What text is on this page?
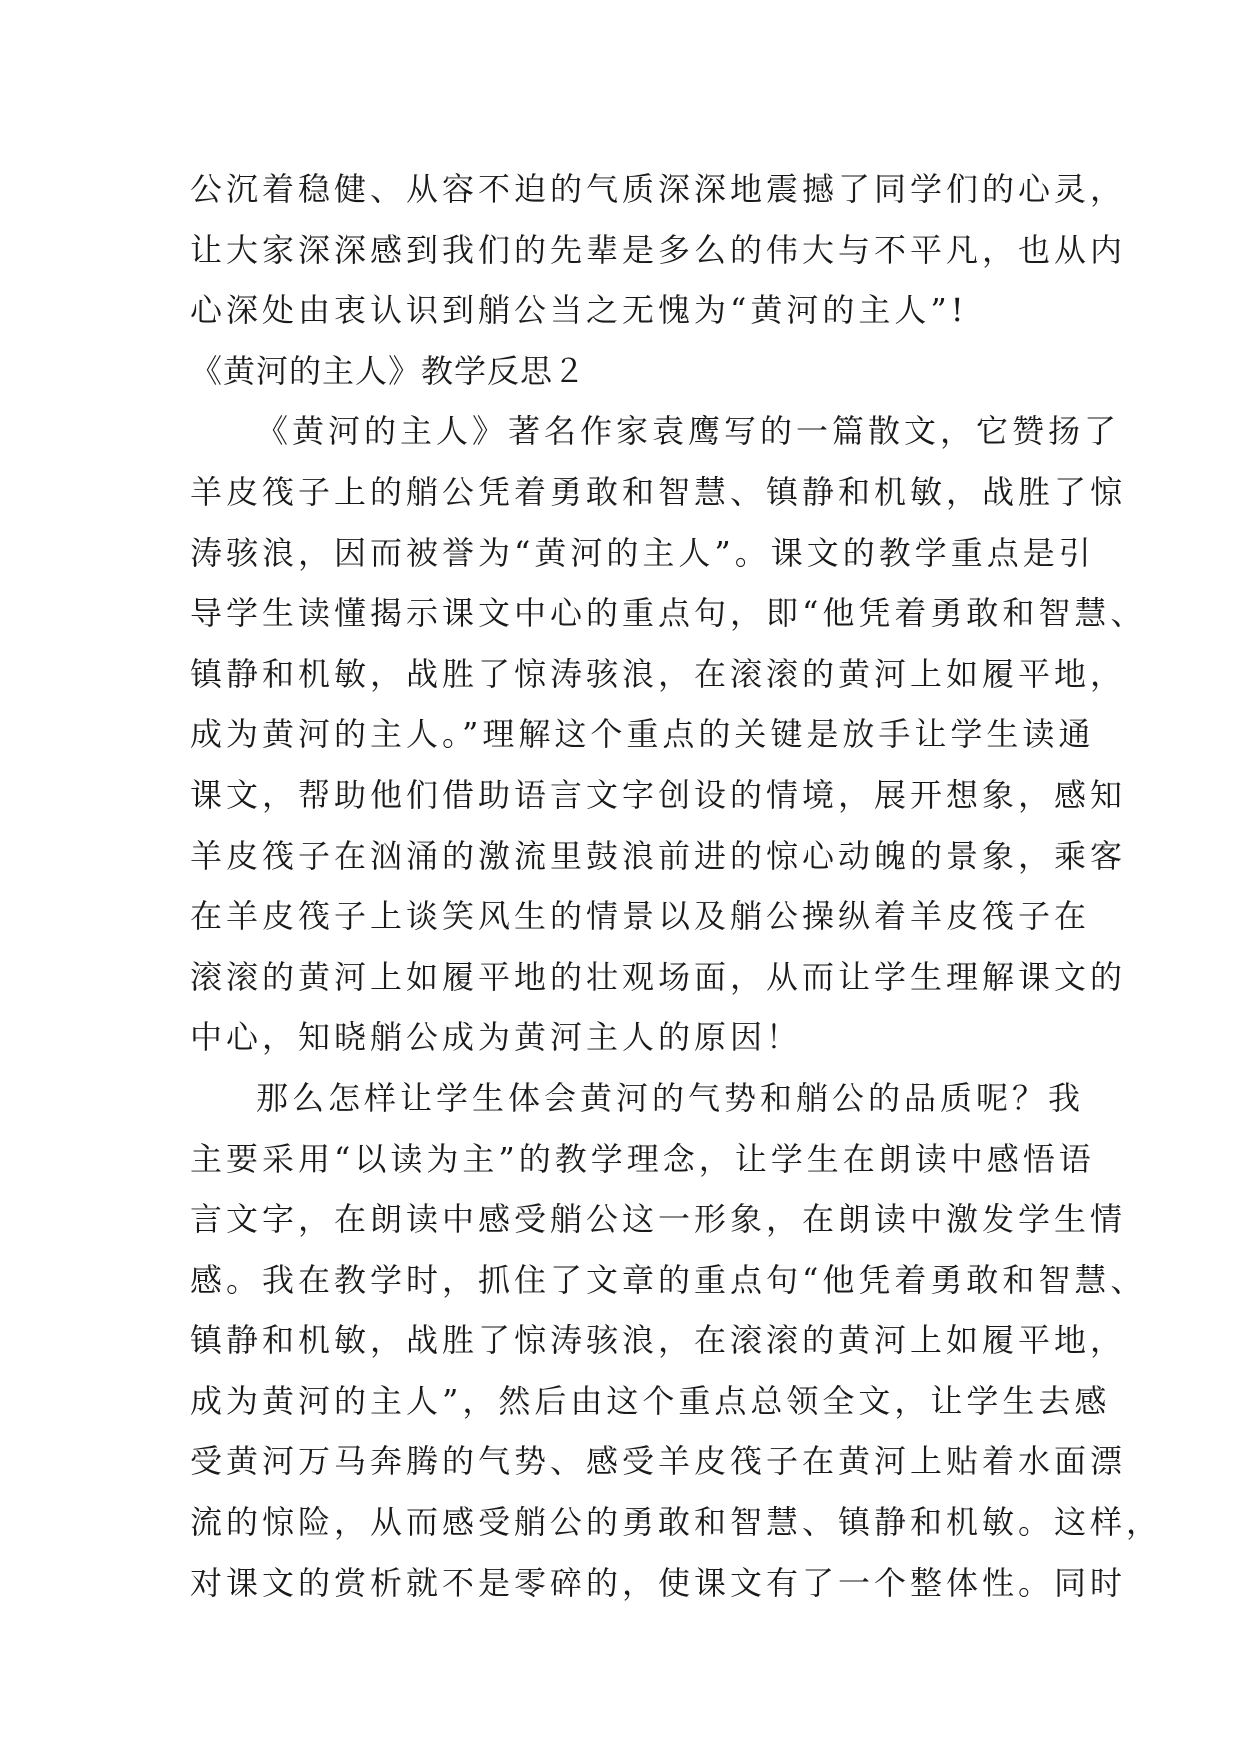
公沉着稳健、从容不迫的气质深深地震撼了同学们的心灵，
让大家深深感到我们的先辈是多么的伟大与不平凡，也从内
心深处由衷认识到艄公当之无愧为“黄河的主人”!
《黄河的主人》教学反思２
《黄河的主人》著名作家袁鹰写的一篇散文，它赞扬了
羊皮筏子上的艄公凭着勇敢和智慧、镇静和机敏，战胜了惊
涛骇浪，因而被誉为“黄河的主人”。课文的教学重点是引
导学生读懂揭示课文中心的重点句，即“他凭着勇敢和智慧、
镇静和机敏，战胜了惊涛骇浪，在滚滚的黄河上如履平地，
成为黄河的主人。”理解这个重点的关键是放手让学生读通
课文，帮助他们借助语言文字创设的情境，展开想象，感知
羊皮筏子在汹涌的激流里鼓浪前进的惊心动魄的景象，乘客
在羊皮筏子上谈笑风生的情景以及艄公操纵着羊皮筏子在
滚滚的黄河上如履平地的壮观场面，从而让学生理解课文的
中心，知晓艄公成为黄河主人的原因！
那么怎样让学生体会黄河的气势和艄公的品质呢？我
主要采用“以读为主”的教学理念，让学生在朗读中感悟语
言文字，在朗读中感受艄公这一形象，在朗读中激发学生情
感。我在教学时，抓住了文章的重点句“他凭着勇敢和智慧、
镇静和机敏，战胜了惊涛骇浪，在滚滚的黄河上如履平地，
成为黄河的主人”，然后由这个重点总领全文，让学生去感
受黄河万马奔腾的气势、感受羊皮筏子在黄河上贴着水面漂
流的惊险，从而感受艄公的勇敢和智慧、镇静和机敏。这样，
对课文的赏析就不是零碎的，使课文有了一个整体性。同时
